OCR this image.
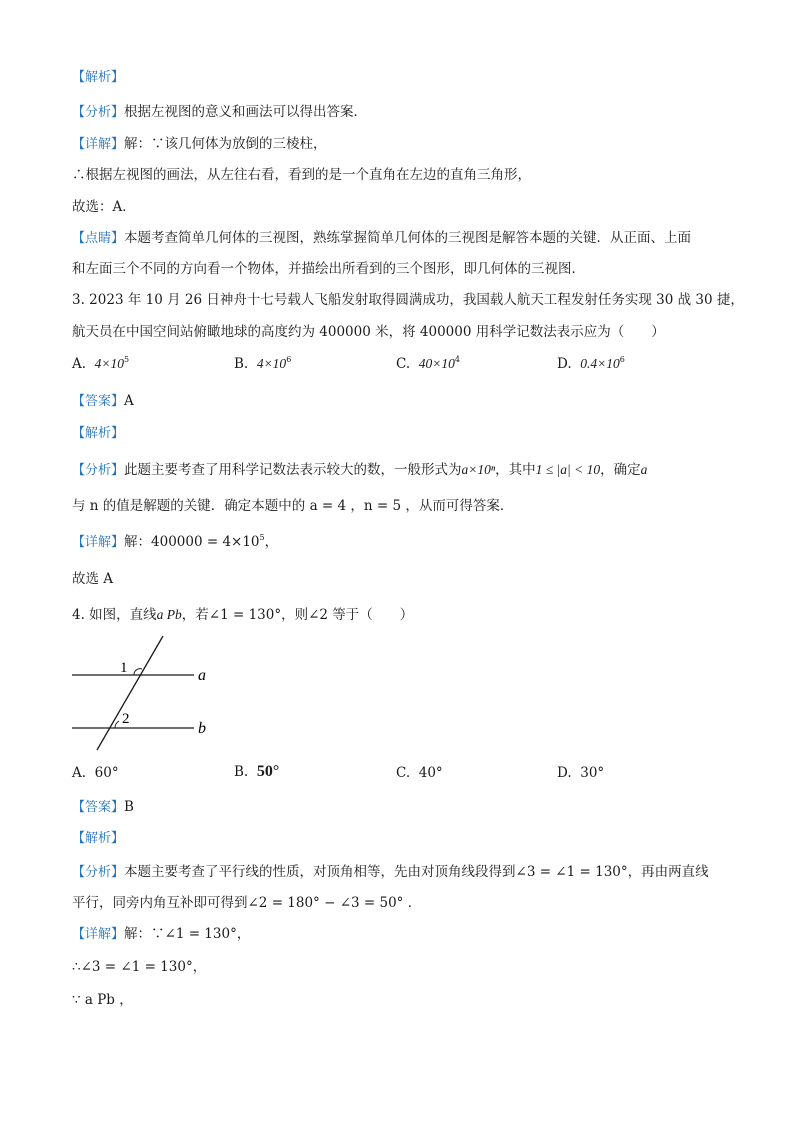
【解析】
【分析】根据左视图的意义和画法可以得出答案．
【详解】解：∵该几何体为放倒的三棱柱，
∴根据左视图的画法，从左往右看，看到的是一个直角在左边的直角三角形，
故选：A．
【点睛】本题考查简单几何体的三视图，熟练掌握简单几何体的三视图是解答本题的关键．从正面、上面
和左面三个不同的方向看一个物体，并描绘出所看到的三个图形，即几何体的三视图．
3. 2023 年 10 月 26 日神舟十七号载人飞船发射取得圆满成功，我国载人航天工程发射任务实现 30 战 30 捷，
航天员在中国空间站俯瞰地球的高度约为 400000 米，将 400000 用科学记数法表示应为（　　）
A. $4\times 10^5$	B. $4\times 10^6$	C. $40\times 10^4$	D. $0.4\times 10^6$
【答案】A
【解析】
【分析】此题主要考查了用科学记数法表示较大的数，一般形式为a×10ⁿ，其中1 ≤ |a| < 10，确定a
与 n 的值是解题的关键．确定本题中的 a = 4 ，n = 5 ，从而可得答案．
【详解】解：$400000 = 4\times 10^5$，
故选 A
4. 如图，直线a Pb，若∠1 = 130°，则∠2 等于（　　）
1
2
a
b
A. 60°	B. 50°	C. 40°	D. 30°
【答案】B
【解析】
【分析】本题主要考查了平行线的性质，对顶角相等，先由对顶角线段得到∠3 = ∠1 = 130°，再由两直线
平行，同旁内角互补即可得到∠2 = 180° − ∠3 = 50° ．
【详解】解：∵∠1 = 130°，
∴∠3 = ∠1 = 130°，
∵ a Pb ，
